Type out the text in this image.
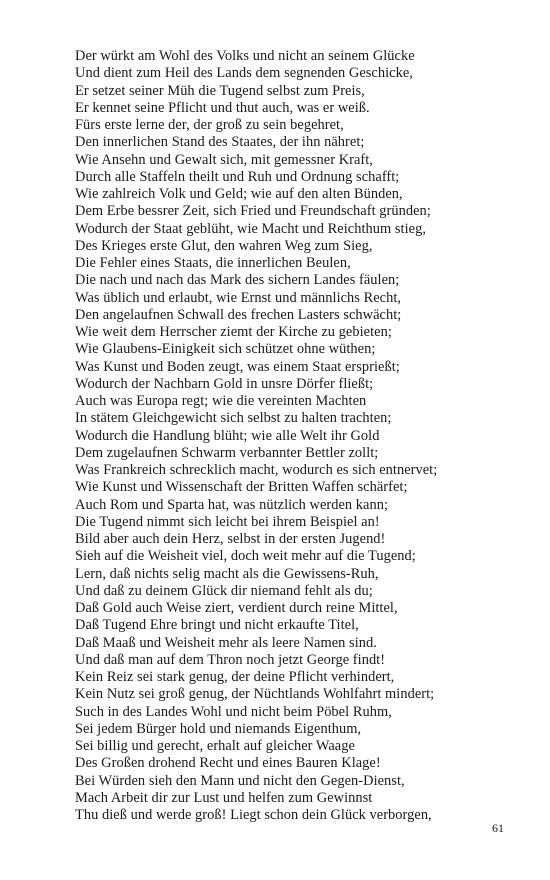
Der würkt am Wohl des Volks und nicht an seinem Glücke
Und dient zum Heil des Lands dem segnenden Geschicke,
Er setzet seiner Müh die Tugend selbst zum Preis,
Er kennet seine Pflicht und thut auch, was er weiß.
Fürs erste lerne der, der groß zu sein begehret,
Den innerlichen Stand des Staates, der ihn nähret;
Wie Ansehn und Gewalt sich, mit gemessner Kraft,
Durch alle Staffeln theilt und Ruh und Ordnung schafft;
Wie zahlreich Volk und Geld; wie auf den alten Bünden,
Dem Erbe bessrer Zeit, sich Fried und Freundschaft gründen;
Wodurch der Staat geblüht, wie Macht und Reichthum stieg,
Des Krieges erste Glut, den wahren Weg zum Sieg,
Die Fehler eines Staats, die innerlichen Beulen,
Die nach und nach das Mark des sichern Landes fäulen;
Was üblich und erlaubt, wie Ernst und männlichs Recht,
Den angelaufnen Schwall des frechen Lasters schwächt;
Wie weit dem Herrscher ziemt der Kirche zu gebieten;
Wie Glaubens-Einigkeit sich schützet ohne wüthen;
Was Kunst und Boden zeugt, was einem Staat ersprießt;
Wodurch der Nachbarn Gold in unsre Dörfer fließt;
Auch was Europa regt; wie die vereinten Machten
In stätem Gleichgewicht sich selbst zu halten trachten;
Wodurch die Handlung blüht; wie alle Welt ihr Gold
Dem zugelaufnen Schwarm verbannter Bettler zollt;
Was Frankreich schrecklich macht, wodurch es sich entnervet;
Wie Kunst und Wissenschaft der Britten Waffen schärfet;
Auch Rom und Sparta hat, was nützlich werden kann;
Die Tugend nimmt sich leicht bei ihrem Beispiel an!
Bild aber auch dein Herz, selbst in der ersten Jugend!
Sieh auf die Weisheit viel, doch weit mehr auf die Tugend;
Lern, daß nichts selig macht als die Gewissens-Ruh,
Und daß zu deinem Glück dir niemand fehlt als du;
Daß Gold auch Weise ziert, verdient durch reine Mittel,
Daß Tugend Ehre bringt und nicht erkaufte Titel,
Daß Maaß und Weisheit mehr als leere Namen sind.
Und daß man auf dem Thron noch jetzt George findt!
Kein Reiz sei stark genug, der deine Pflicht verhindert,
Kein Nutz sei groß genug, der Nüchtlands Wohlfahrt mindert;
Such in des Landes Wohl und nicht beim Pöbel Ruhm,
Sei jedem Bürger hold und niemands Eigenthum,
Sei billig und gerecht, erhalt auf gleicher Waage
Des Großen drohend Recht und eines Bauren Klage!
Bei Würden sieh den Mann und nicht den Gegen-Dienst,
Mach Arbeit dir zur Lust und helfen zum Gewinnst
Thu dieß und werde groß! Liegt schon dein Glück verborgen,
61
